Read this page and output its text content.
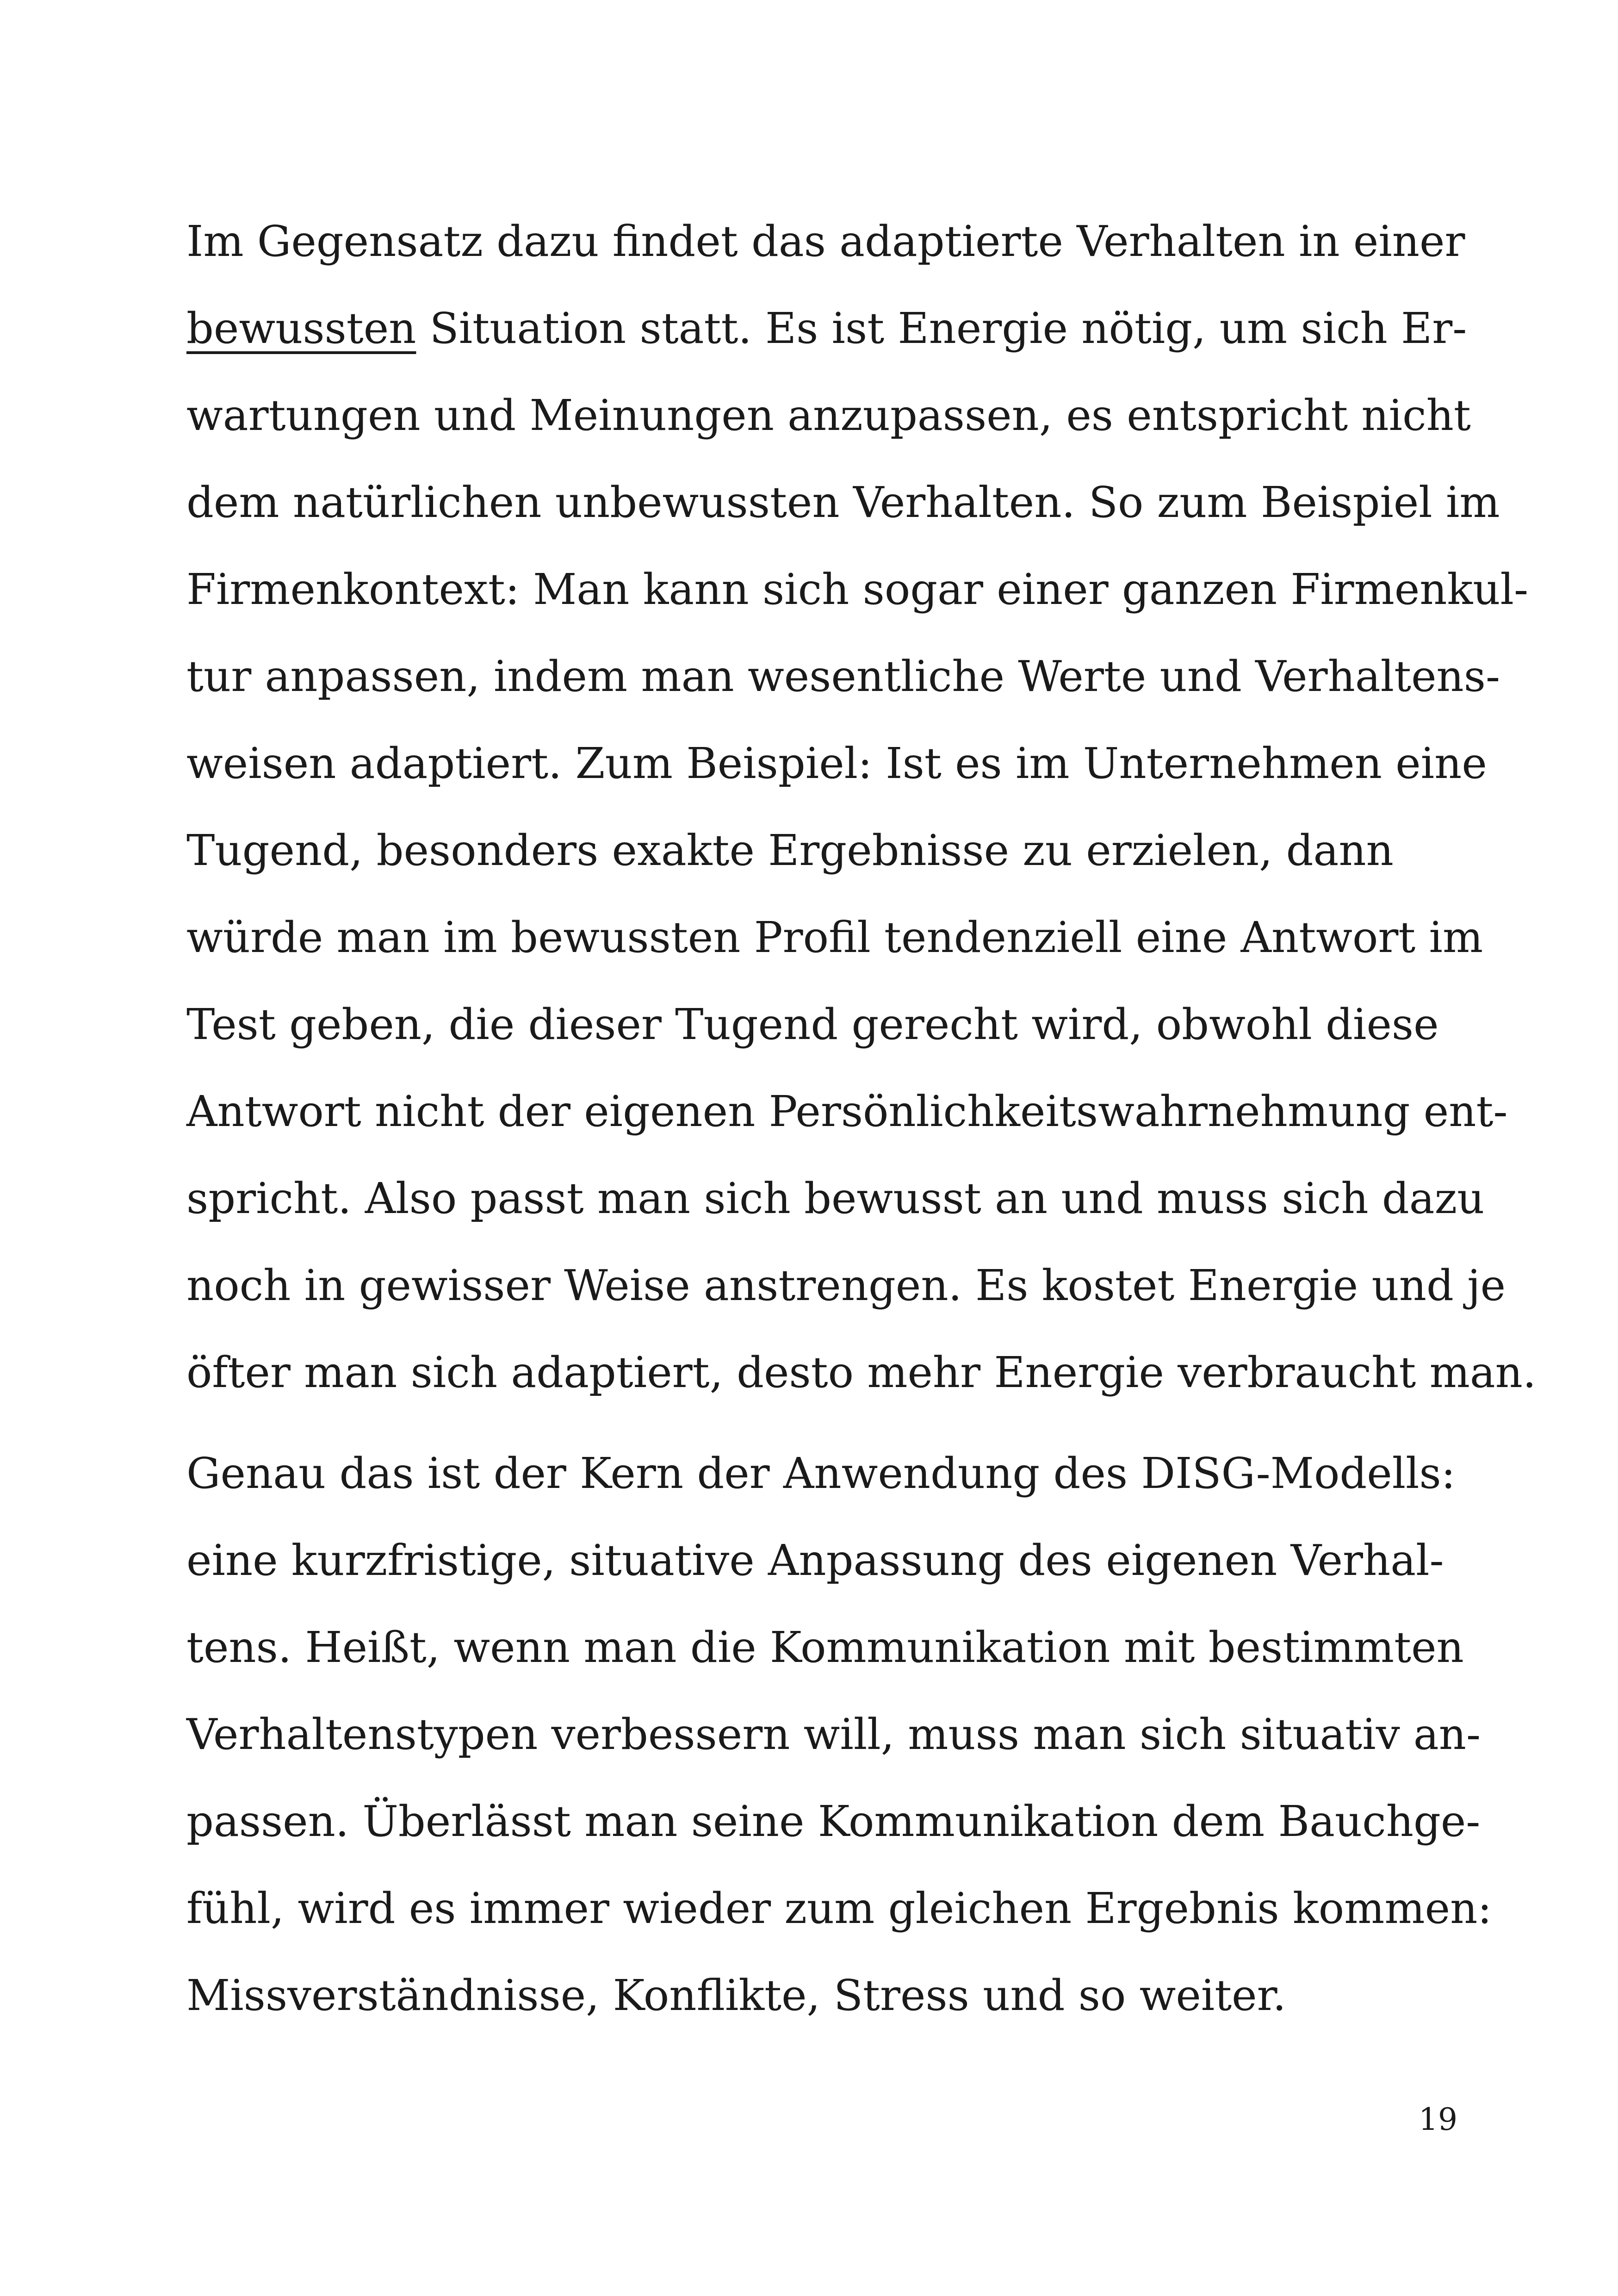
Im Gegensatz dazu findet das adaptierte Verhalten in einer
bewussten Situation statt. Es ist Energie nötig, um sich Er-
wartungen und Meinungen anzupassen, es entspricht nicht
dem natürlichen unbewussten Verhalten. So zum Beispiel im
Firmenkontext: Man kann sich sogar einer ganzen Firmenkul-
tur anpassen, indem man wesentliche Werte und Verhaltens-
weisen adaptiert. Zum Beispiel: Ist es im Unternehmen eine
Tugend, besonders exakte Ergebnisse zu erzielen, dann
würde man im bewussten Profil tendenziell eine Antwort im
Test geben, die dieser Tugend gerecht wird, obwohl diese
Antwort nicht der eigenen Persönlichkeitswahrnehmung ent-
spricht. Also passt man sich bewusst an und muss sich dazu
noch in gewisser Weise anstrengen. Es kostet Energie und je
öfter man sich adaptiert, desto mehr Energie verbraucht man.

Genau das ist der Kern der Anwendung des DISG-Modells:
eine kurzfristige, situative Anpassung des eigenen Verhal-
tens. Heißt, wenn man die Kommunikation mit bestimmten
Verhaltenstypen verbessern will, muss man sich situativ an-
passen. Überlässt man seine Kommunikation dem Bauchge-
fühl, wird es immer wieder zum gleichen Ergebnis kommen:
Missverständnisse, Konflikte, Stress und so weiter.

19
